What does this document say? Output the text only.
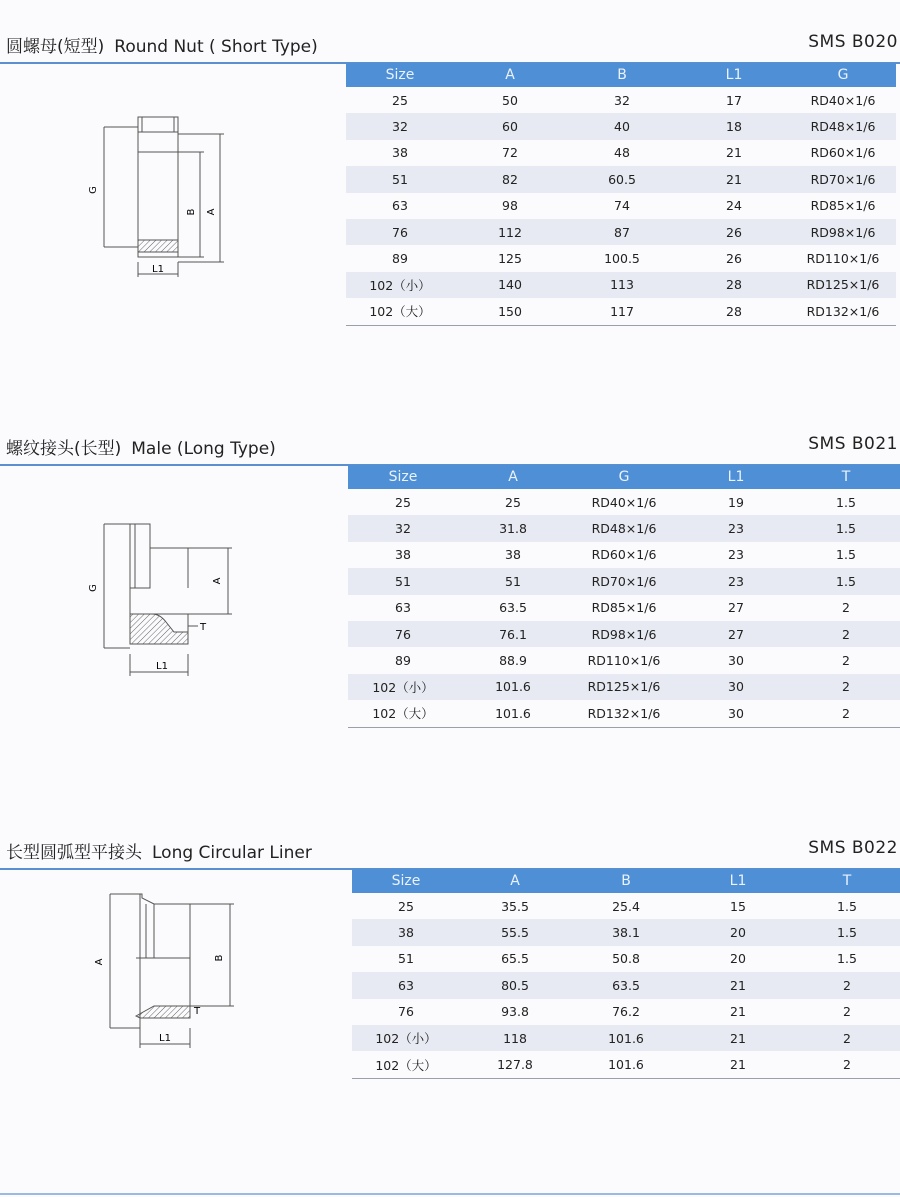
圆螺母(短型) Round Nut ( Short Type)	SMS B020
G
B A
L1
Size	A	B	L1	G
25	50	32	17	RD40×1/6
32	60	40	18	RD48×1/6
38	72	48	21	RD60×1/6
51	82	60.5	21	RD70×1/6
63	98	74	24	RD85×1/6
76	112	87	26	RD98×1/6
89	125	100.5	26	RD110×1/6
102（小）	140	113	28	RD125×1/6
102（大）	150	117	28	RD132×1/6
螺纹接头(长型) Male (Long Type)	SMS B021
G
A
T
L1
Size	A	G	L1	T
25	25	RD40×1/6	19	1.5
32	31.8	RD48×1/6	23	1.5
38	38	RD60×1/6	23	1.5
51	51	RD70×1/6	23	1.5
63	63.5	RD85×1/6	27	2
76	76.1	RD98×1/6	27	2
89	88.9	RD110×1/6	30	2
102（小）	101.6	RD125×1/6	30	2
102（大）	101.6	RD132×1/6	30	2
长型圆弧型平接头 Long Circular Liner	SMS B022
A
B
T
L1
Size	A	B	L1	T
25	35.5	25.4	15	1.5
38	55.5	38.1	20	1.5
51	65.5	50.8	20	1.5
63	80.5	63.5	21	2
76	93.8	76.2	21	2
102（小）	118	101.6	21	2
102（大）	127.8	101.6	21	2
